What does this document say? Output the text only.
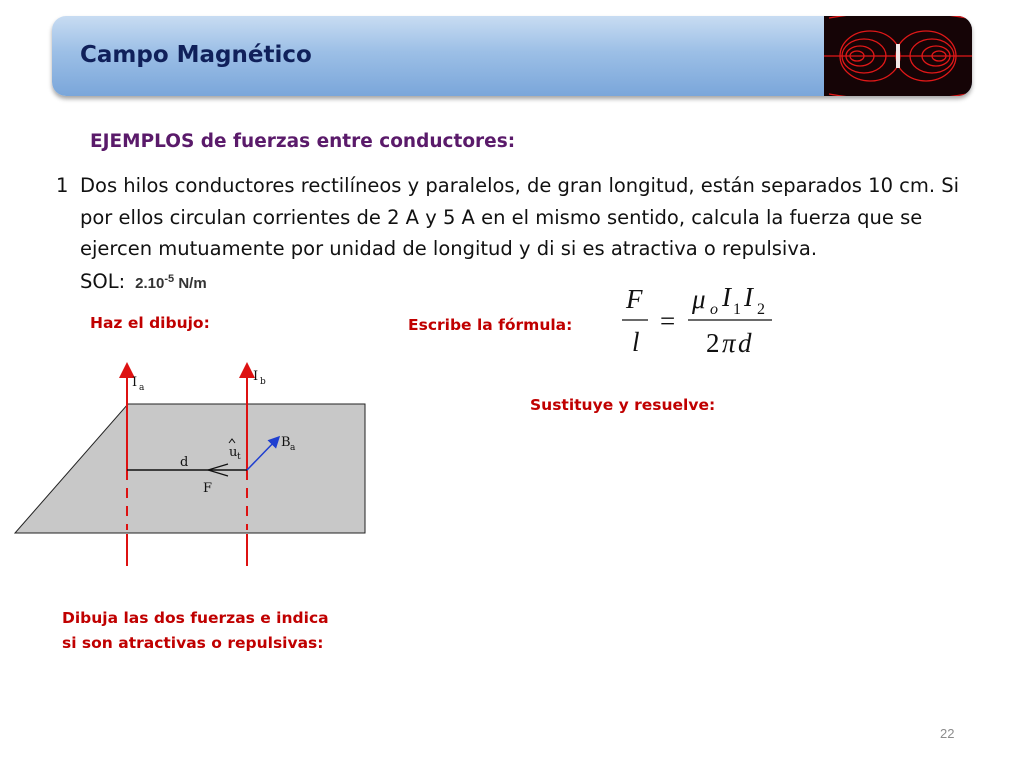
Campo Magnético
EJEMPLOS de fuerzas entre conductores:
1 Dos hilos conductores rectilíneos y paralelos, de gran longitud, están separados 10 cm. Si por ellos circulan corrientes de 2 A y 5 A en el mismo sentido, calcula la fuerza que se ejercen mutuamente por unidad de longitud y di si es atractiva o repulsiva.
SOL: $2.10^{-5}$ N/m
Haz el dibujo:	Escribe la fórmula:
Sustituye y resuelve:
Dibuja las dos fuerzas e indica
si son atractivas o repulsivas:
F
l
=
μ o I 1 I 2
2 π d
I a
I b
d
F
u t
B a
22
